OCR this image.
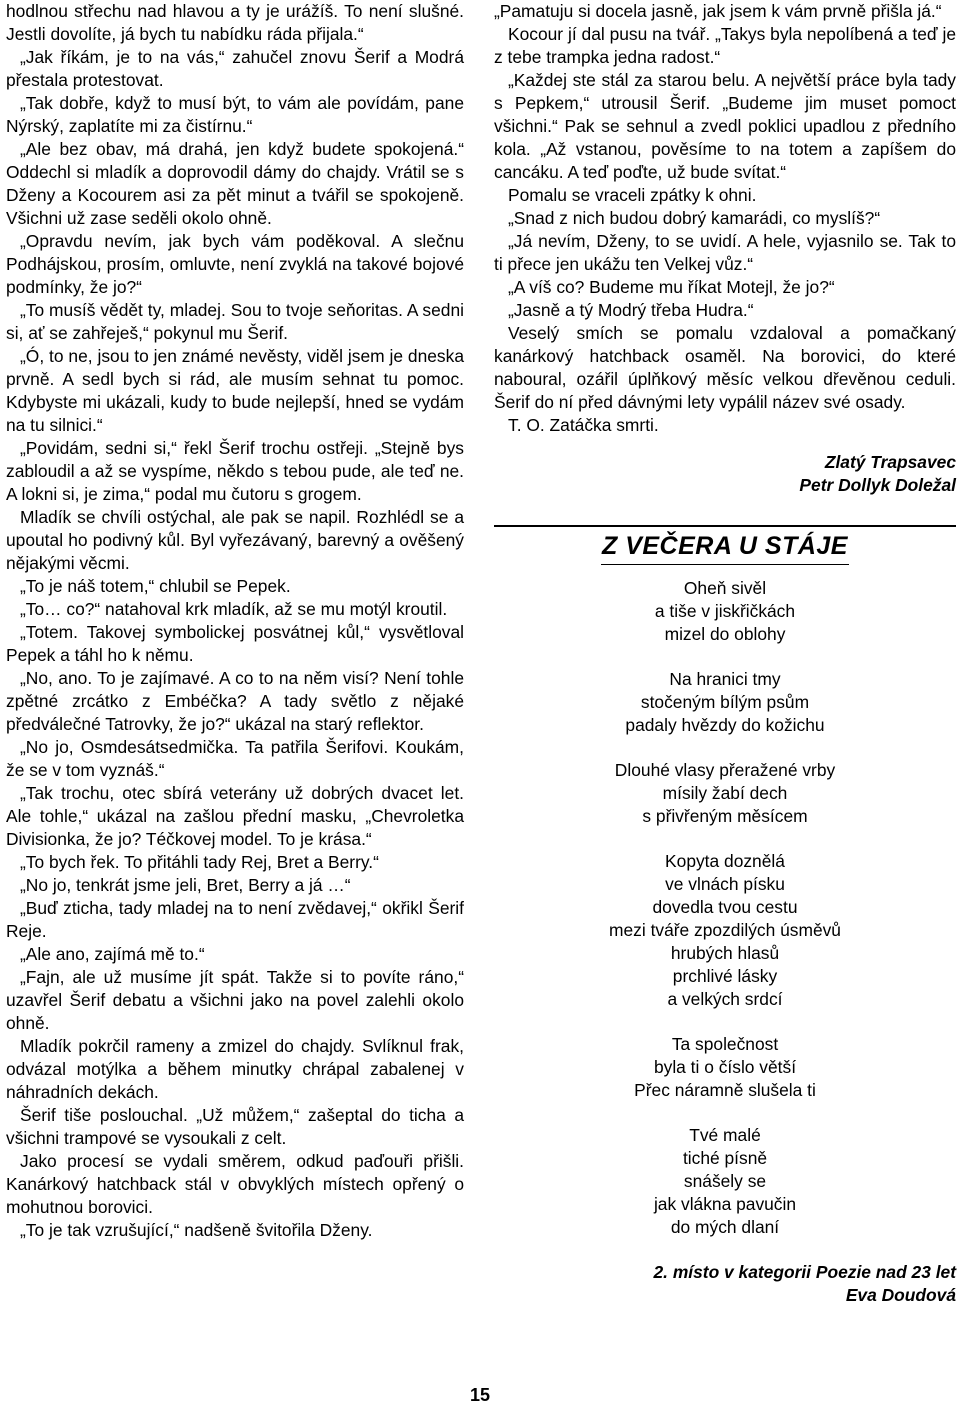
hodlnou střechu nad hlavou a ty je urážíš. To není slušné. Jestli dovolíte, já bych tu nabídku ráda přijala.“

„Jak říkám, je to na vás,“ zahučel znovu Šerif a Modrá přestala protestovat.

„Tak dobře, když to musí být, to vám ale povídám, pane Nýrský, zaplatíte mi za čistírnu.“

„Ale bez obav, má drahá, jen když budete spokojená.“ Oddechl si mladík a doprovodil dámy do chajdy. Vrátil se s Dženy a Kocourem asi za pět minut a tvářil se spokojeně. Všichni už zase seděli okolo ohně.

„Opravdu nevím, jak bych vám poděkoval. A slečnu Podhájskou, prosím, omluvte, není zvyklá na takové bojové podmínky, že jo?“

„To musíš vědět ty, mladej. Sou to tvoje seňoritas. A sedni si, ať se zahřeješ,“ pokynul mu Šerif.

„Ó, to ne, jsou to jen známé nevěsty, viděl jsem je dneska prvně. A sedl bych si rád, ale musím sehnat tu pomoc. Kdybyste mi ukázali, kudy to bude nejlepší, hned se vydám na tu silnici.“

„Povidám, sedni si,“ řekl Šerif trochu ostřeji. „Stejně bys zabloudil a až se vyspíme, někdo s tebou pude, ale teď ne. A lokni si, je zima,“ podal mu čutoru s grogem.

Mladík se chvíli ostýchal, ale pak se napil. Rozhlédl se a upoutal ho podivný kůl. Byl vyřezávaný, barevný a ověšený nějakými věcmi.

„To je náš totem,“ chlubil se Pepek.

„To… co?“ natahoval krk mladík, až se mu motýl kroutil.

„Totem. Takovej symbolickej posvátnej kůl,“ vysvětloval Pepek a táhl ho k němu.

„No, ano. To je zajímavé. A co to na něm visí? Není tohle zpětné zrcátko z Embéčka? A tady světlo z nějaké předválečné Tatrovky, že jo?“ ukázal na starý reflektor.

„No jo, Osmdesátsedmička. Ta patřila Šerifovi. Koukám, že se v tom vyznáš.“

„Tak trochu, otec sbírá veterány už dobrých dvacet let. Ale tohle,“ ukázal na zašlou přední masku, „Chevroletka Divisionka, že jo? Téčkovej model. To je krása.“

„To bych řek. To přitáhli tady Rej, Bret a Berry.“

„No jo, tenkrát jsme jeli, Bret, Berry a já …“

„Buď zticha, tady mladej na to není zvědavej,“ okřikl Šerif Reje.

„Ale ano, zajímá mě to.“

„Fajn, ale už musíme jít spát. Takže si to povíte ráno,“ uzavřel Šerif debatu a všichni jako na povel zalehli okolo ohně.

Mladík pokrčil rameny a zmizel do chajdy. Svlíknul frak, odvázal motýlka a během minutky chrápal zabalenej v náhradních dekách.

Šerif tiše poslouchal. „Už můžem,“ zašeptal do ticha a všichni trampové se vysoukali z celt.

Jako procesí se vydali směrem, odkud paďouři přišli. Kanárkový hatchback stál v obvyklých místech opřený o mohutnou borovici.

„To je tak vzrušující,“ nadšeně švitořila Dženy.

„Pamatuju si docela jasně, jak jsem k vám prvně přišla já.“

Kocour jí dal pusu na tvář. „Takys byla nepolíbená a teď je z tebe trampka jedna radost.“

„Každej ste stál za starou belu. A největší práce byla tady s Pepkem,“ utrousil Šerif. „Budeme jim muset pomoct všichni.“ Pak se sehnul a zvedl poklici upadlou z předního kola. „Až vstanou, pověsíme to na totem a zapíšem do cancáku. A teď poďte, už bude svítat.“

Pomalu se vraceli zpátky k ohni.

„Snad z nich budou dobrý kamarádi, co myslíš?“

„Já nevím, Dženy, to se uvidí. A hele, vyjasnilo se. Tak to ti přece jen ukážu ten Velkej vůz.“

„A víš co? Budeme mu říkat Motejl, že jo?“

„Jasně a tý Modrý třeba Hudra.“

Veselý smích se pomalu vzdaloval a pomačkaný kanárkový hatchback osaměl. Na borovici, do které naboural, ozářil úplňkový měsíc velkou dřevěnou ceduli. Šerif do ní před dávnými lety vypálil název své osady.

T. O. Zatáčka smrti.

Zlatý Trapsavec

Petr Dollyk Doležal

Z VEČERA U STÁJE
Oheň sivěl
a tiše v jiskřičkách
mizel do oblohy
Na hranici tmy
stočeným bílým psům
padaly hvězdy do kožichu
Dlouhé vlasy přeražené vrby
mísily žabí dech
s přivřeným měsícem
Kopyta doznělá
ve vlnách písku
dovedla tvou cestu
mezi tváře zpozdilých úsměvů
hrubých hlasů
prchlivé lásky
a velkých srdcí
Ta společnost
byla ti o číslo větší
Přec náramně slušela ti
Tvé malé
tiché písně
snášely se
jak vlákna pavučin
do mých dlaní

2. místo v kategorii Poezie nad 23 let

Eva Doudová

15
